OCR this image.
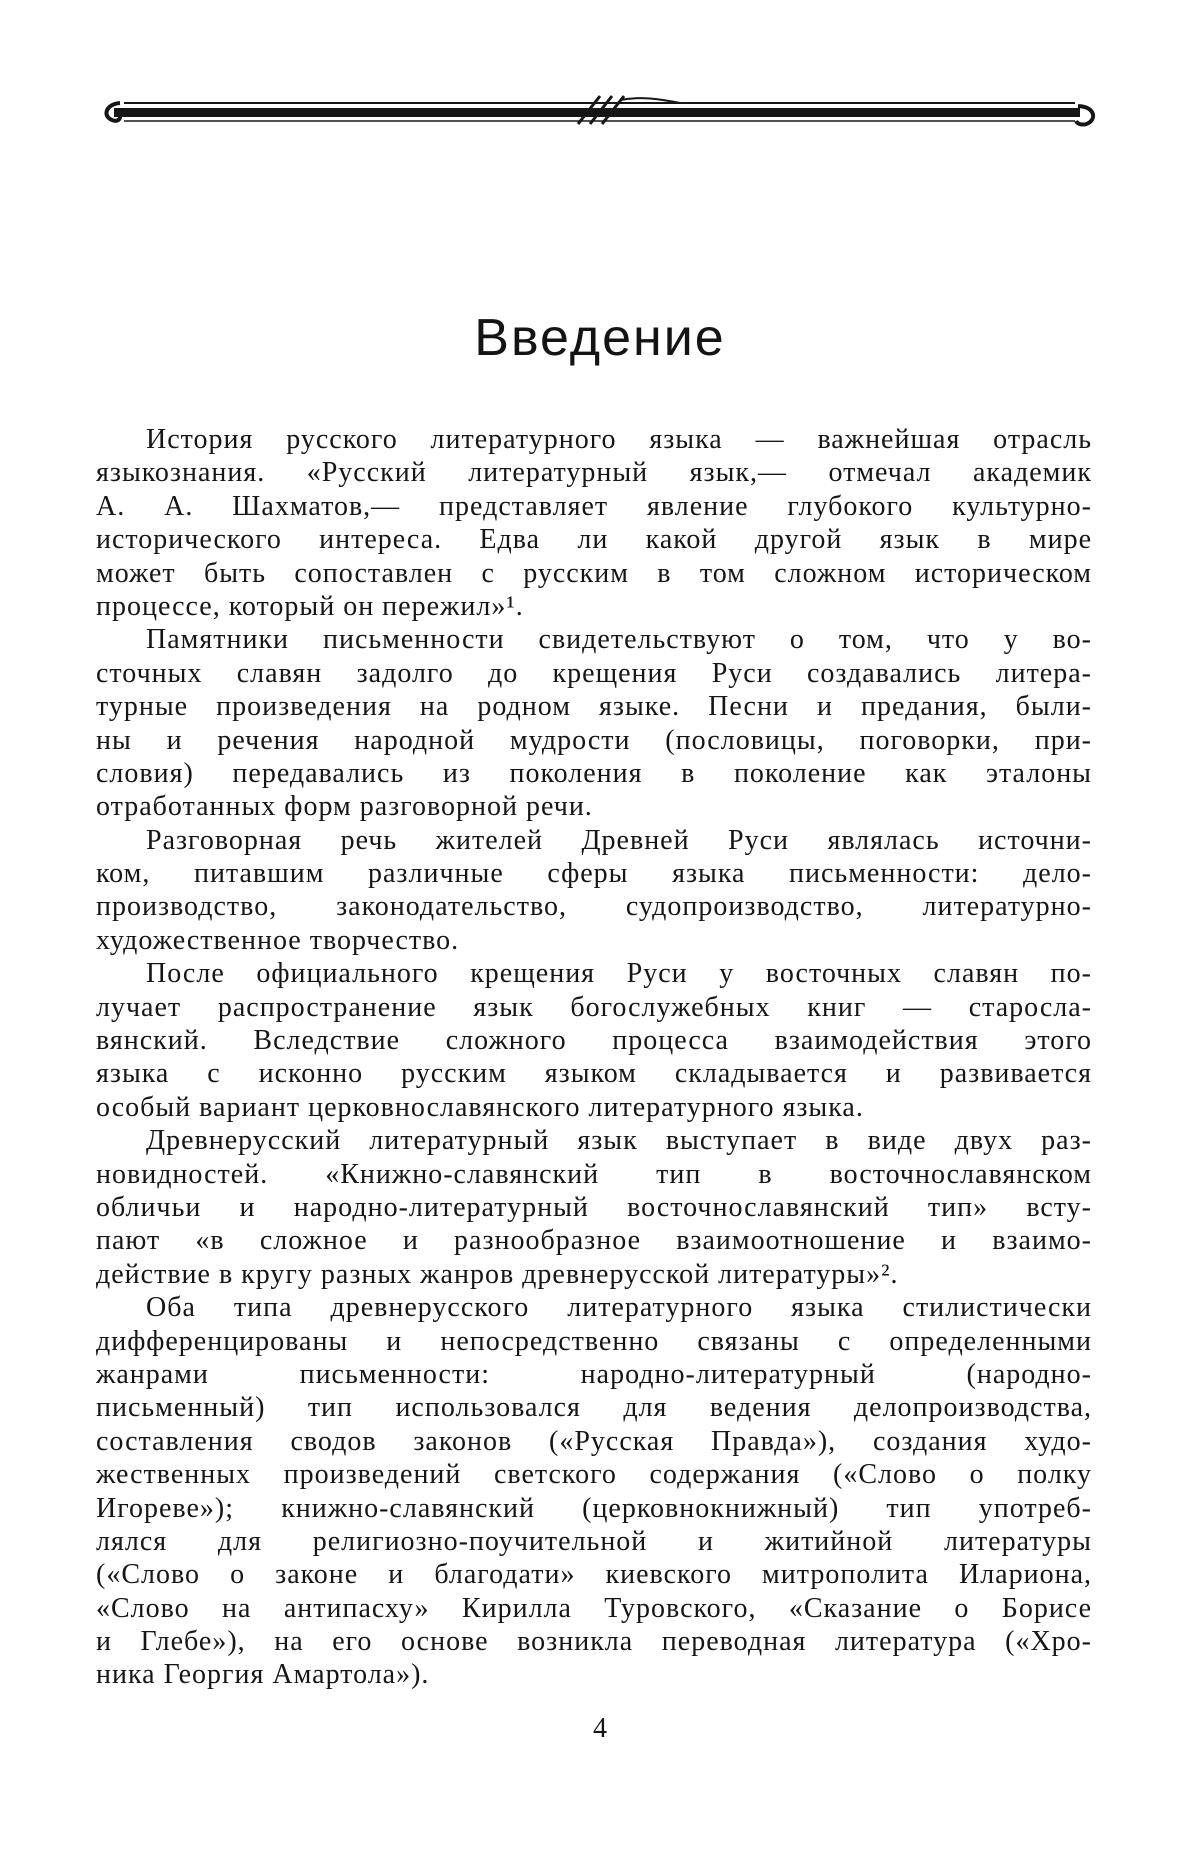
Введение
История русского литературного языка — важнейшая отрасль
языкознания. «Русский литературный язык,— отмечал академик
А. А. Шахматов,— представляет явление глубокого культурно-
исторического интереса. Едва ли какой другой язык в мире
может быть сопоставлен с русским в том сложном историческом
процессе, который он пережил»¹.
Памятники письменности свидетельствуют о том, что у во-
сточных славян задолго до крещения Руси создавались литера-
турные произведения на родном языке. Песни и предания, были-
ны и речения народной мудрости (пословицы, поговорки, при-
словия) передавались из поколения в поколение как эталоны
отработанных форм разговорной речи.
Разговорная речь жителей Древней Руси являлась источни-
ком, питавшим различные сферы языка письменности: дело-
производство, законодательство, судопроизводство, литературно-
художественное творчество.
После официального крещения Руси у восточных славян по-
лучает распространение язык богослужебных книг — старосла-
вянский. Вследствие сложного процесса взаимодействия этого
языка с исконно русским языком складывается и развивается
особый вариант церковнославянского литературного языка.
Древнерусский литературный язык выступает в виде двух раз-
новидностей. «Книжно-славянский тип в восточнославянском
обличьи и народно-литературный восточнославянский тип» всту-
пают «в сложное и разнообразное взаимоотношение и взаимо-
действие в кругу разных жанров древнерусской литературы»².
Оба типа древнерусского литературного языка стилистически
дифференцированы и непосредственно связаны с определенными
жанрами письменности: народно-литературный (народно-
письменный) тип использовался для ведения делопроизводства,
составления сводов законов («Русская Правда»), создания худо-
жественных произведений светского содержания («Слово о полку
Игореве»); книжно-славянский (церковнокнижный) тип употреб-
лялся для религиозно-поучительной и житийной литературы
(«Слово о законе и благодати» киевского митрополита Илариона,
«Слово на антипасху» Кирилла Туровского, «Сказание о Борисе
и Глебе»), на его основе возникла переводная литература («Хро-
ника Георгия Амартола»).
4
